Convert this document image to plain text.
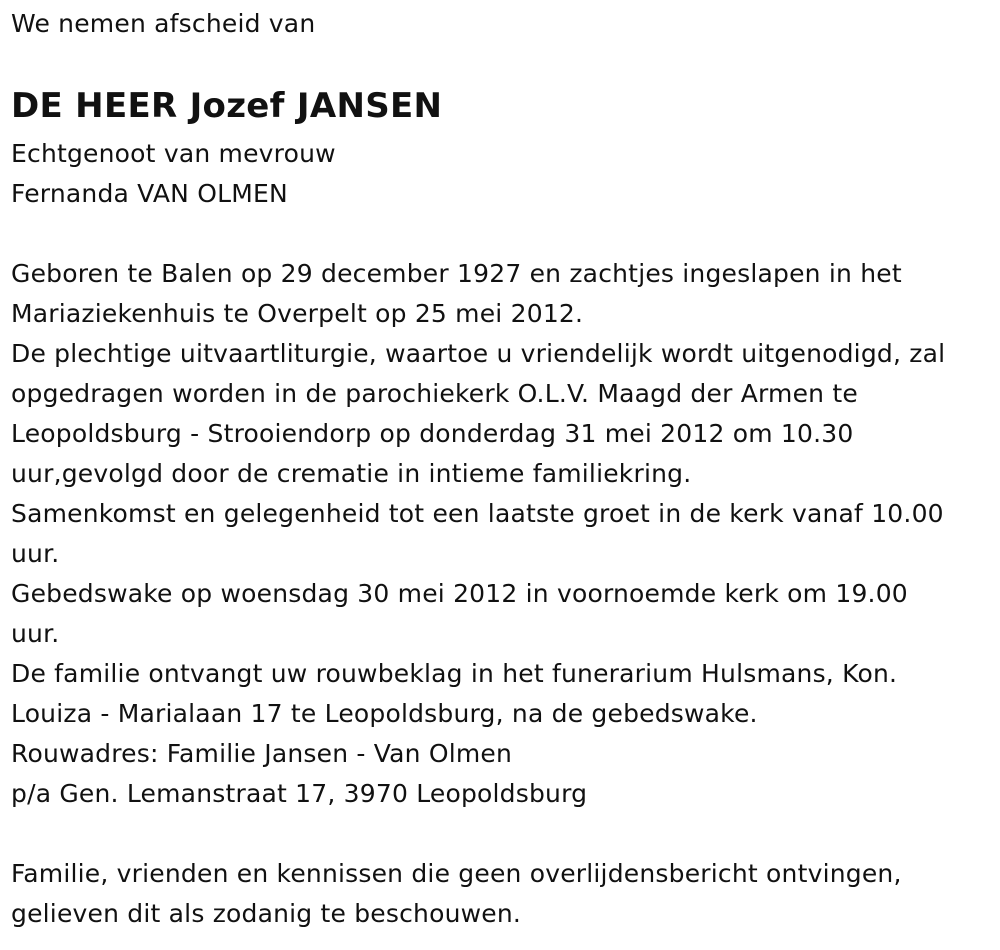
We nemen afscheid van
DE HEER Jozef JANSEN
Echtgenoot van mevrouw
Fernanda VAN OLMEN
Geboren te Balen op 29 december 1927 en zachtjes ingeslapen in het
Mariaziekenhuis te Overpelt op 25 mei 2012.
De plechtige uitvaartliturgie, waartoe u vriendelijk wordt uitgenodigd, zal
opgedragen worden in de parochiekerk O.L.V. Maagd der Armen te
Leopoldsburg - Strooiendorp op donderdag 31 mei 2012 om 10.30
uur,gevolgd door de crematie in intieme familiekring.
Samenkomst en gelegenheid tot een laatste groet in de kerk vanaf 10.00
uur.
Gebedswake op woensdag 30 mei 2012 in voornoemde kerk om 19.00
uur.
De familie ontvangt uw rouwbeklag in het funerarium Hulsmans, Kon.
Louiza - Marialaan 17 te Leopoldsburg, na de gebedswake.
Rouwadres: Familie Jansen - Van Olmen
p/a Gen. Lemanstraat 17, 3970 Leopoldsburg
Familie, vrienden en kennissen die geen overlijdensbericht ontvingen,
gelieven dit als zodanig te beschouwen.
